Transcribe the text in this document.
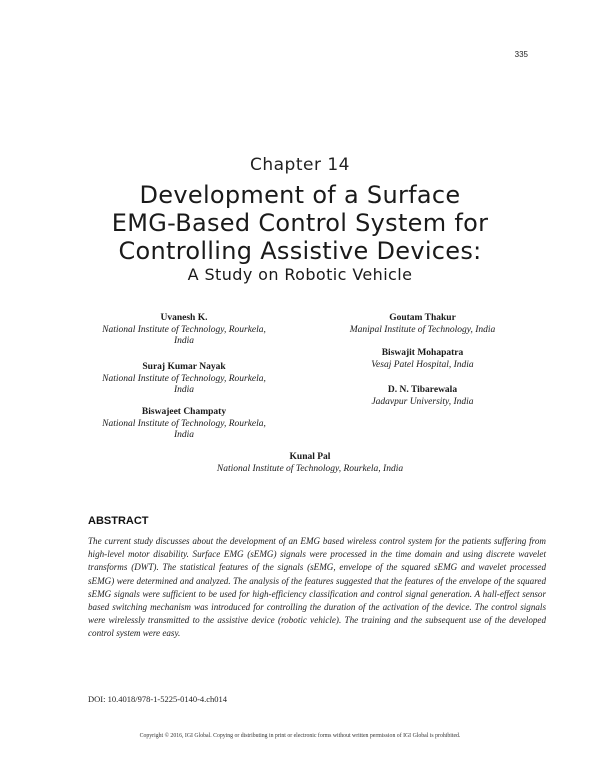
335
Chapter 14
Development of a Surface
EMG-Based Control System for
Controlling Assistive Devices:
A Study on Robotic Vehicle
Uvanesh K.
National Institute of Technology, Rourkela,
India
Suraj Kumar Nayak
National Institute of Technology, Rourkela,
India
Biswajeet Champaty
National Institute of Technology, Rourkela,
India
Goutam Thakur
Manipal Institute of Technology, India
Biswajit Mohapatra
Vesaj Patel Hospital, India
D. N. Tibarewala
Jadavpur University, India
Kunal Pal
National Institute of Technology, Rourkela, India
ABSTRACT

The current study discusses about the development of an EMG based wireless control system for the patients suffering from high-level motor disability. Surface EMG (sEMG) signals were processed in the time domain and using discrete wavelet transforms (DWT). The statistical features of the signals (sEMG, envelope of the squared sEMG and wavelet processed sEMG) were determined and analyzed. The analysis of the features suggested that the features of the envelope of the squared sEMG signals were sufficient to be used for high-efficiency classification and control signal generation. A hall-effect sensor based switching mechanism was introduced for controlling the duration of the activation of the device. The control signals were wirelessly transmitted to the assistive device (robotic vehicle). The training and the subsequent use of the developed control system were easy.

DOI: 10.4018/978-1-5225-0140-4.ch014
Copyright © 2016, IGI Global. Copying or distributing in print or electronic forms without written permission of IGI Global is prohibited.
